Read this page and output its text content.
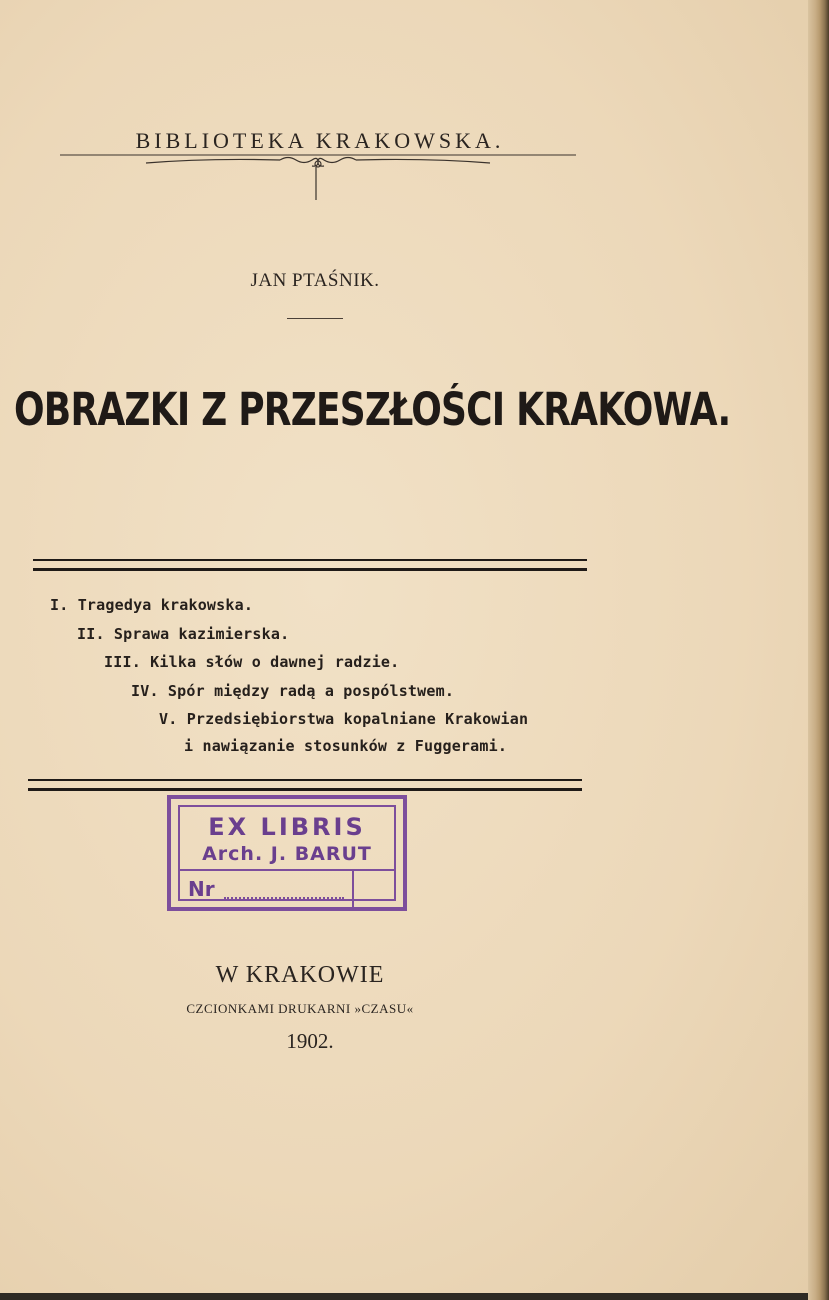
BIBLIOTEKA KRAKOWSKA.
JAN PTAŚNIK.
OBRAZKI Z PRZESZŁOŚCI KRAKOWA.
I. Tragedya krakowska.
II. Sprawa kazimierska.
III. Kilka słów o dawnej radzie.
IV. Spór między radą a pospólstwem.
V. Przedsiębiorstwa kopalniane Krakowian
i nawiązanie stosunków z Fuggerami.
EX LIBRIS
Arch. J. BARUT
Nr
W KRAKOWIE
CZCIONKAMI DRUKARNI »CZASU«
1902.
